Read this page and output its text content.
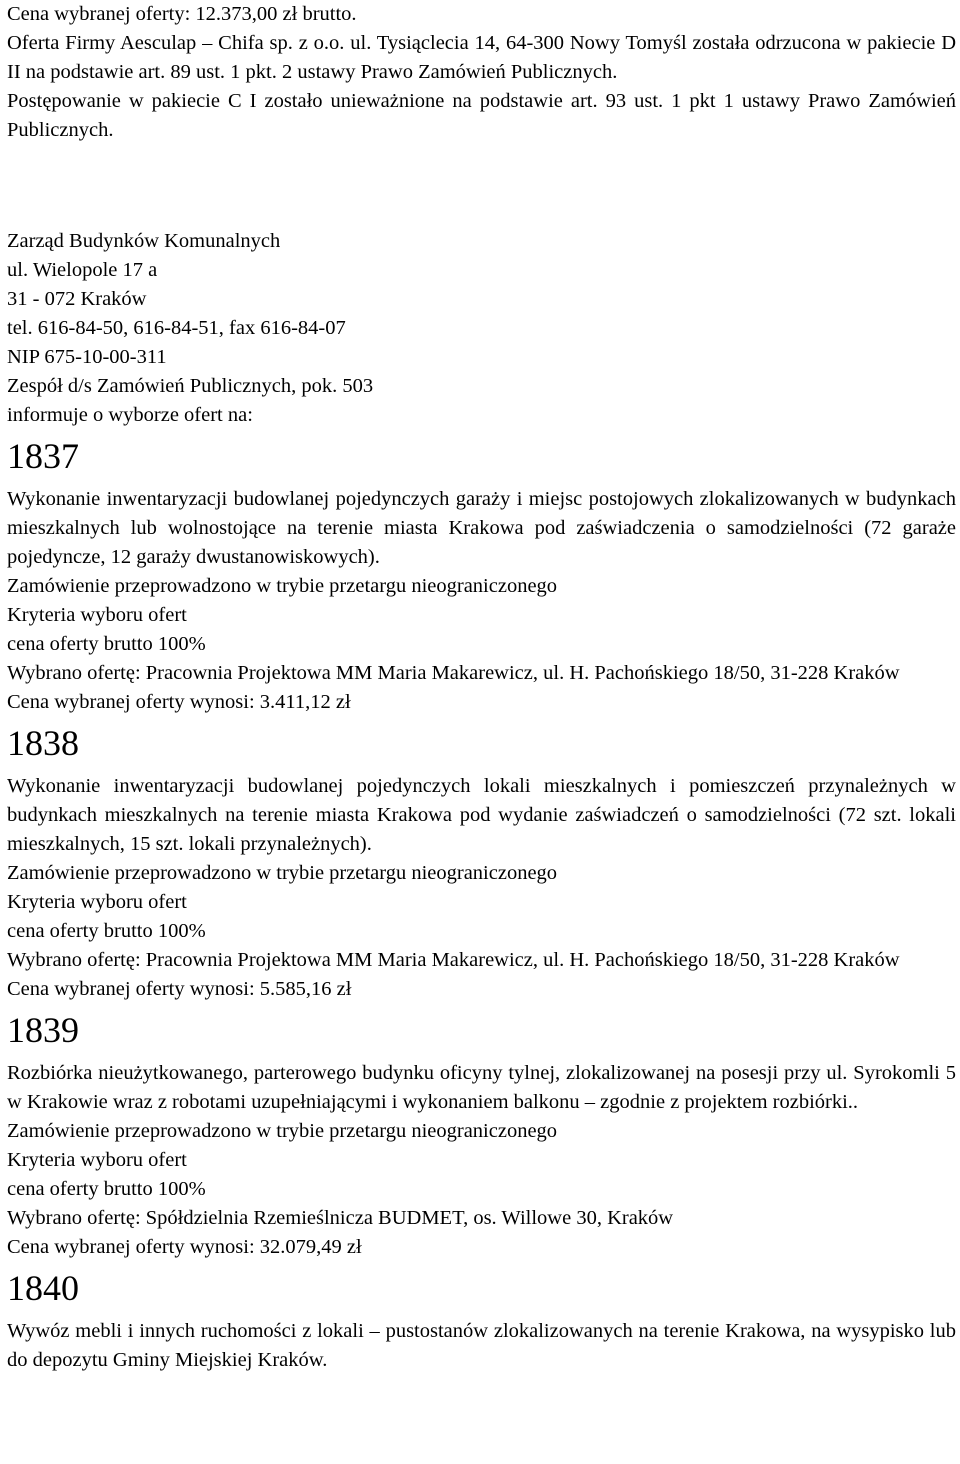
Cena wybranej oferty: 12.373,00 zł brutto.

Oferta Firmy Aesculap – Chifa sp. z o.o. ul. Tysiąclecia 14, 64-300 Nowy Tomyśl została odrzucona w pakiecie D II na podstawie art. 89 ust. 1 pkt. 2 ustawy Prawo Zamówień Publicznych.

Postępowanie w pakiecie C I zostało unieważnione na podstawie art. 93 ust. 1 pkt 1 ustawy Prawo Zamówień Publicznych.

Zarząd Budynków Komunalnych

ul. Wielopole 17 a

31 - 072 Kraków

tel. 616-84-50, 616-84-51, fax 616-84-07

NIP 675-10-00-311

Zespół d/s Zamówień Publicznych, pok. 503

informuje o wyborze ofert na:

1837

Wykonanie inwentaryzacji budowlanej pojedynczych garaży i miejsc postojowych zlokalizowanych w budynkach mieszkalnych lub wolnostojące na terenie miasta Krakowa pod zaświadczenia o samodzielności (72 garaże pojedyncze, 12 garaży dwustanowiskowych).

Zamówienie przeprowadzono w trybie przetargu nieograniczonego

Kryteria wyboru ofert

cena oferty brutto 100%

Wybrano ofertę: Pracownia Projektowa MM Maria Makarewicz, ul. H. Pachońskiego 18/50, 31-228 Kraków

Cena wybranej oferty wynosi: 3.411,12 zł

1838

Wykonanie inwentaryzacji budowlanej pojedynczych lokali mieszkalnych i pomieszczeń przynależnych w budynkach mieszkalnych na terenie miasta Krakowa pod wydanie zaświadczeń o samodzielności (72 szt. lokali mieszkalnych, 15 szt. lokali przynależnych).

Zamówienie przeprowadzono w trybie przetargu nieograniczonego

Kryteria wyboru ofert

cena oferty brutto 100%

Wybrano ofertę: Pracownia Projektowa MM Maria Makarewicz, ul. H. Pachońskiego 18/50, 31-228 Kraków

Cena wybranej oferty wynosi: 5.585,16 zł

1839

Rozbiórka nieużytkowanego, parterowego budynku oficyny tylnej, zlokalizowanej na posesji przy ul. Syrokomli 5 w Krakowie wraz z robotami uzupełniającymi i wykonaniem balkonu – zgodnie z projektem rozbiórki..

Zamówienie przeprowadzono w trybie przetargu nieograniczonego

Kryteria wyboru ofert

cena oferty brutto 100%

Wybrano ofertę: Spółdzielnia Rzemieślnicza BUDMET, os. Willowe 30, Kraków

Cena wybranej oferty wynosi: 32.079,49 zł

1840

Wywóz mebli i innych ruchomości z lokali – pustostanów zlokalizowanych na terenie Krakowa, na wysypisko lub do depozytu Gminy Miejskiej Kraków.
